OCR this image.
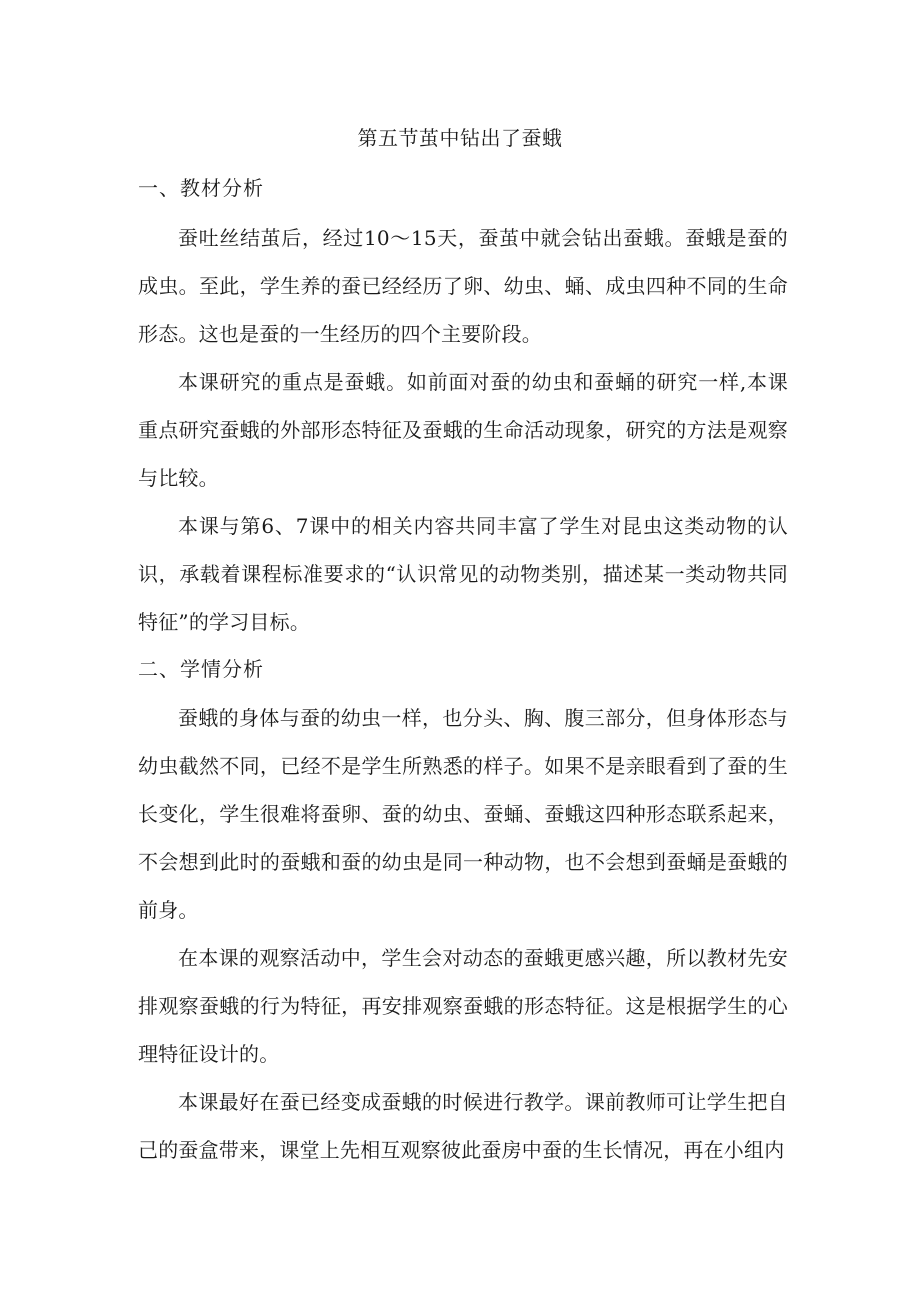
第五节茧中钻出了蚕蛾
一、教材分析
蚕吐丝结茧后，经过10～15天，蚕茧中就会钻出蚕蛾。蚕蛾是蚕的成虫。至此，学生养的蚕已经经历了卵、幼虫、蛹、成虫四种不同的生命形态。这也是蚕的一生经历的四个主要阶段。
本课研究的重点是蚕蛾。如前面对蚕的幼虫和蚕蛹的研究一样,本课重点研究蚕蛾的外部形态特征及蚕蛾的生命活动现象，研究的方法是观察与比较。
本课与第6、7课中的相关内容共同丰富了学生对昆虫这类动物的认识，承载着课程标准要求的“认识常见的动物类别，描述某一类动物共同特征”的学习目标。
二、学情分析
蚕蛾的身体与蚕的幼虫一样，也分头、胸、腹三部分，但身体形态与幼虫截然不同，已经不是学生所熟悉的样子。如果不是亲眼看到了蚕的生长变化，学生很难将蚕卵、蚕的幼虫、蚕蛹、蚕蛾这四种形态联系起来，不会想到此时的蚕蛾和蚕的幼虫是同一种动物，也不会想到蚕蛹是蚕蛾的前身。
在本课的观察活动中，学生会对动态的蚕蛾更感兴趣，所以教材先安排观察蚕蛾的行为特征，再安排观察蚕蛾的形态特征。这是根据学生的心理特征设计的。
本课最好在蚕已经变成蚕蛾的时候进行教学。课前教师可让学生把自己的蚕盒带来，课堂上先相互观察彼此蚕房中蚕的生长情况，再在小组内
